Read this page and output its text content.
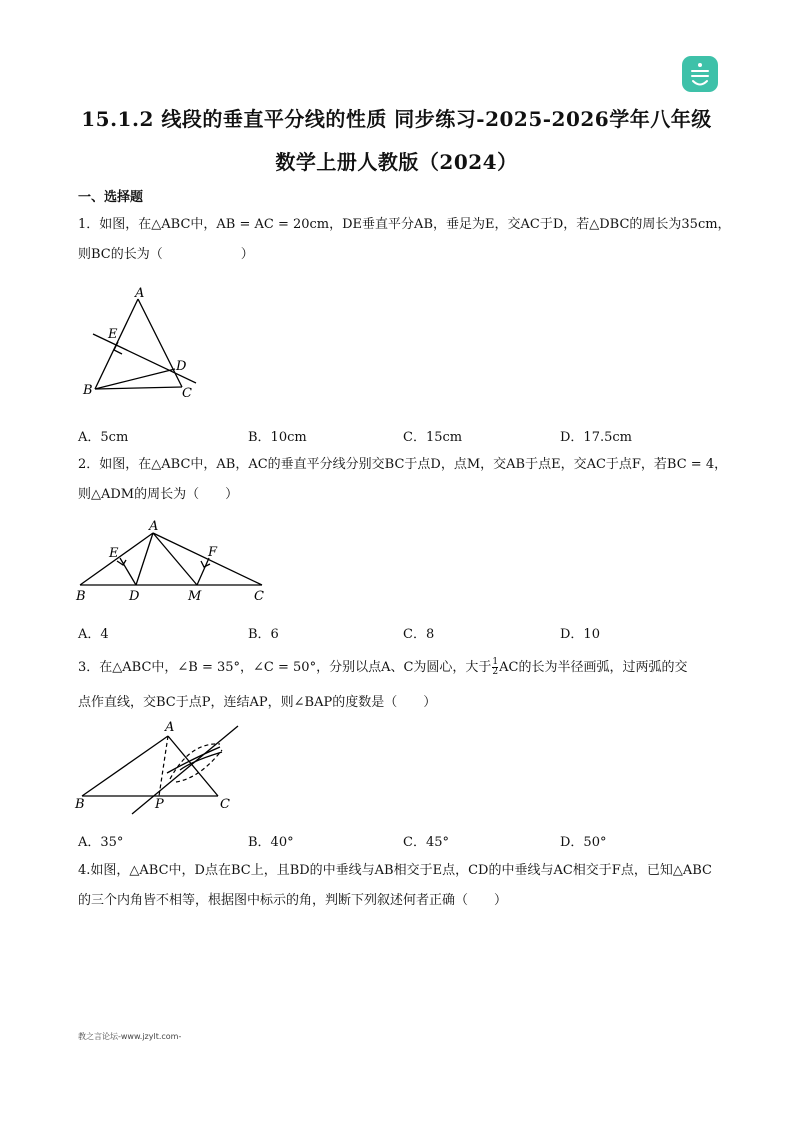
15.1.2 线段的垂直平分线的性质 同步练习-2025-2026学年八年级
数学上册人教版（2024）
一、选择题
1．如图，在△ABC中，AB = AC = 20cm，DE垂直平分AB，垂足为E，交AC于D，若△DBC的周长为35cm，
则BC的长为（　　　　　　）
A
E
D
B	C
A．5cm	B．10cm	C．15cm	D．17.5cm
2．如图，在△ABC中，AB，AC的垂直平分线分别交BC于点D，点M，交AB于点E，交AC于点F，若BC = 4，
则△ADM的周长为（　　）
A
E	F
B	D	M	C
A．4	B．6	C．8	D．10
3．在△ABC中，∠B = 35°，∠C = 50°，分别以点A、C为圆心，大于 $\frac{1}{2}$ AC的长为半径画弧，过两弧的交
点作直线，交BC于点P，连结AP，则∠BAP的度数是（　　）
A
B	P	C
A．35°	B．40°	C．45°	D．50°
4.如图，△ABC中，D点在BC上，且BD的中垂线与AB相交于E点，CD的中垂线与AC相交于F点，已知△ABC
的三个内角皆不相等，根据图中标示的角，判断下列叙述何者正确（　　）
教之言论坛-www.jzylt.com-
